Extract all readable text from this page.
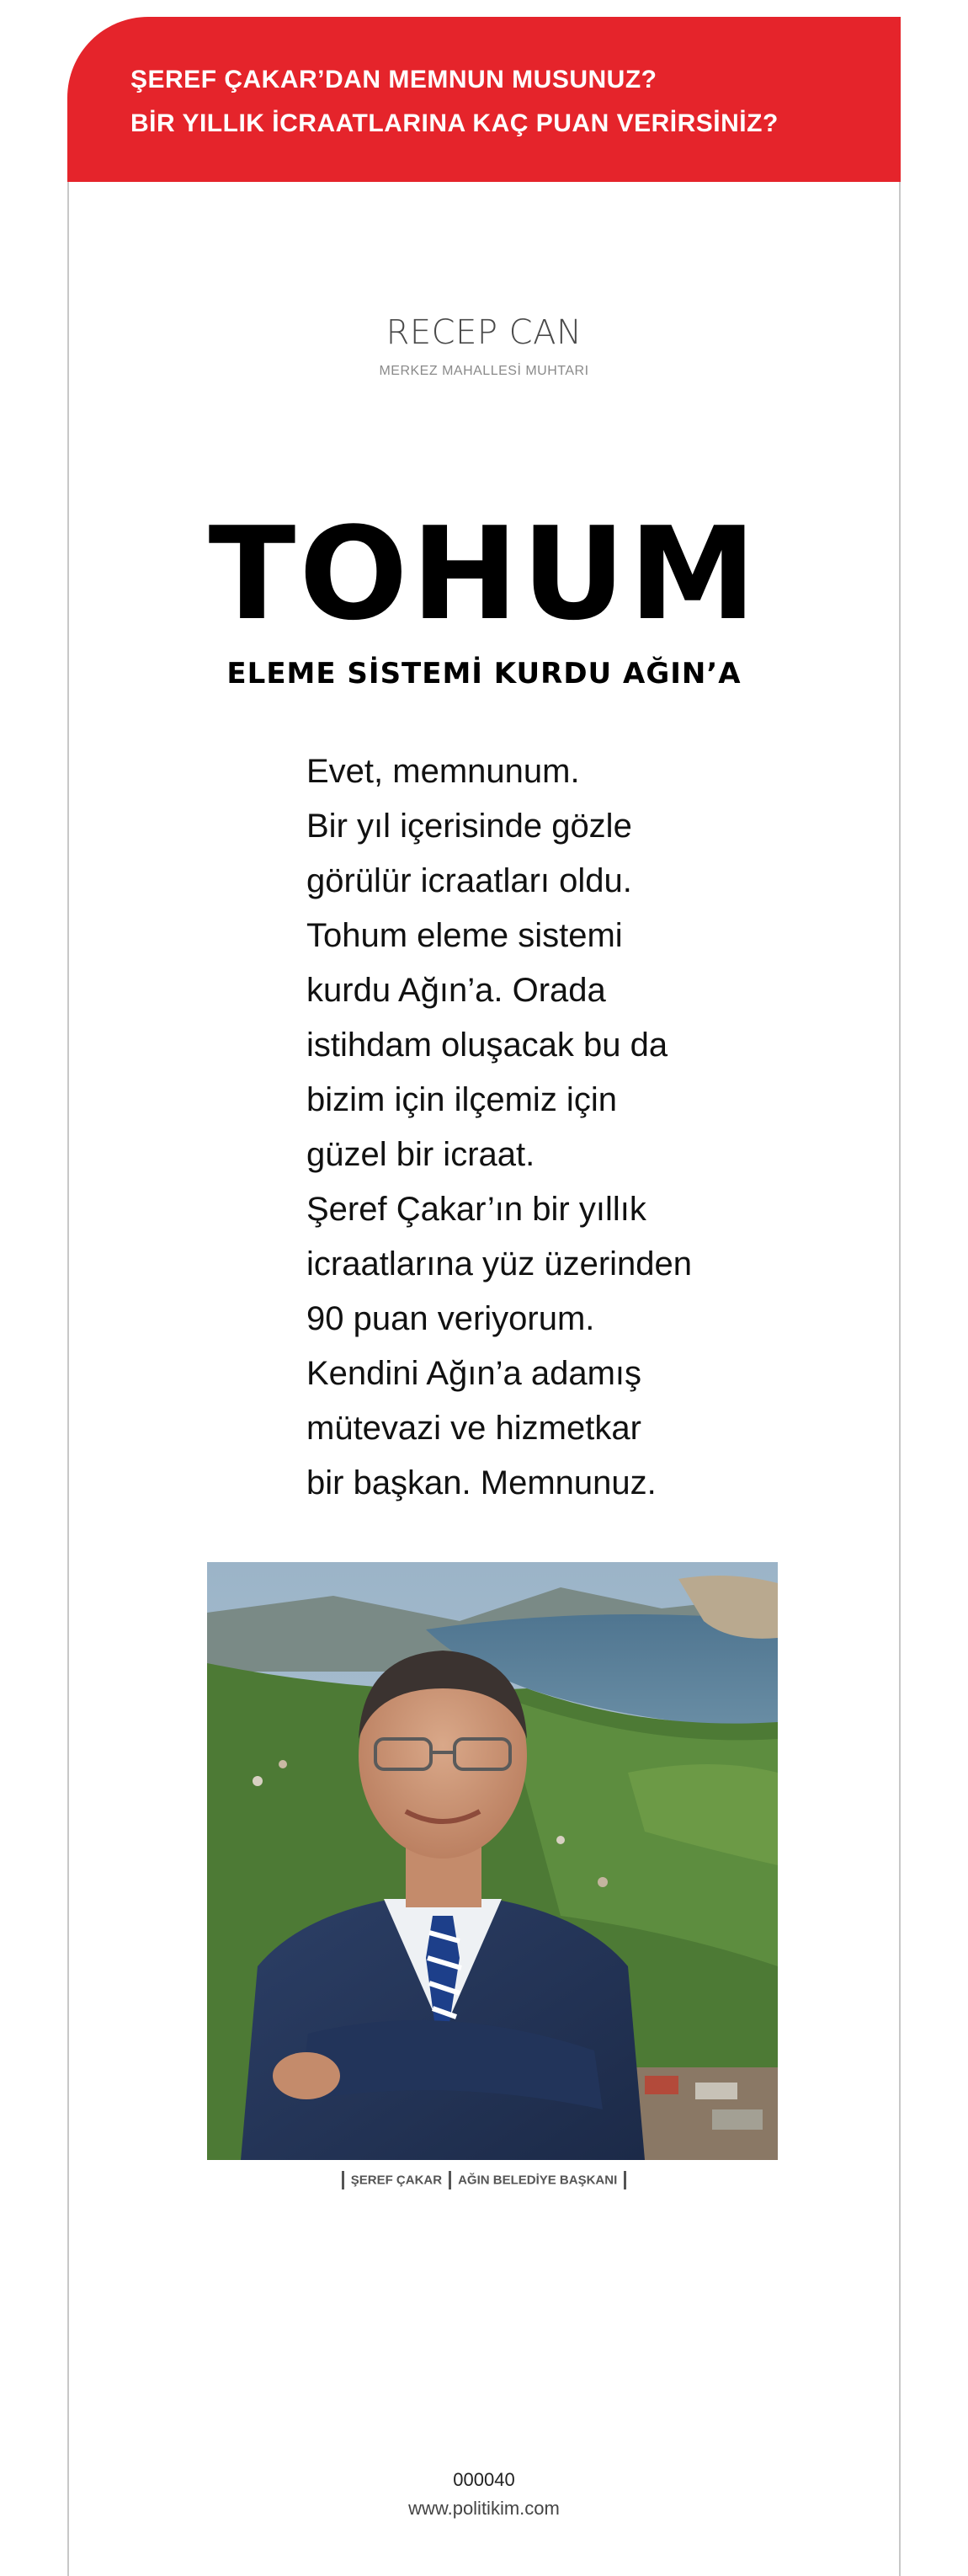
ŞEREF ÇAKAR’DAN MEMNUN MUSUNUZ?
BİR YILLIK İCRAATLARINA KAÇ PUAN VERİRSİNİZ?
RECEP CAN
MERKEZ MAHALLESİ MUHTARI
TOHUM
ELEME SİSTEMİ KURDU AĞIN’A
Evet, memnunum.
Bir yıl içerisinde gözle
görülür icraatları oldu.
Tohum eleme sistemi
kurdu Ağın’a. Orada
istihdam oluşacak bu da
bizim için ilçemiz için
güzel bir icraat.
Şeref Çakar’ın bir yıllık
icraatlarına yüz üzerinden
90 puan veriyorum.
Kendini Ağın’a adamış
mütevazi ve hizmetkar
bir başkan. Memnunuz.
ŞEREF ÇAKAR AĞIN BELEDİYE BAŞKANI
000040
www.politikim.com
